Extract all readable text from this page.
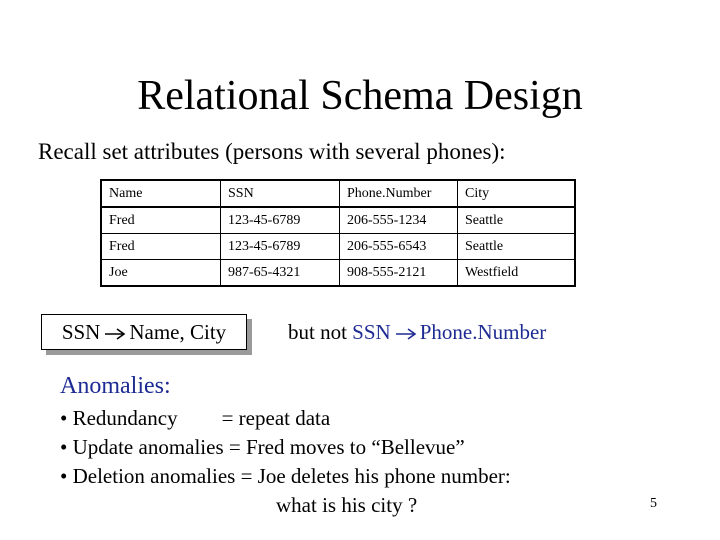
Relational Schema Design
Recall set attributes (persons with several phones):
Name	SSN	Phone.Number	City
Fred	123-45-6789	206-555-1234	Seattle
Fred	123-45-6789	206-555-6543	Seattle
Joe	987-65-4321	908-555-2121	Westfield
SSN Name, City	but not SSN Phone.Number
Anomalies:
• Redundancy = repeat data
• Update anomalies = Fred moves to “Bellevue”
• Deletion anomalies = Joe deletes his phone number:
what is his city ?	5
